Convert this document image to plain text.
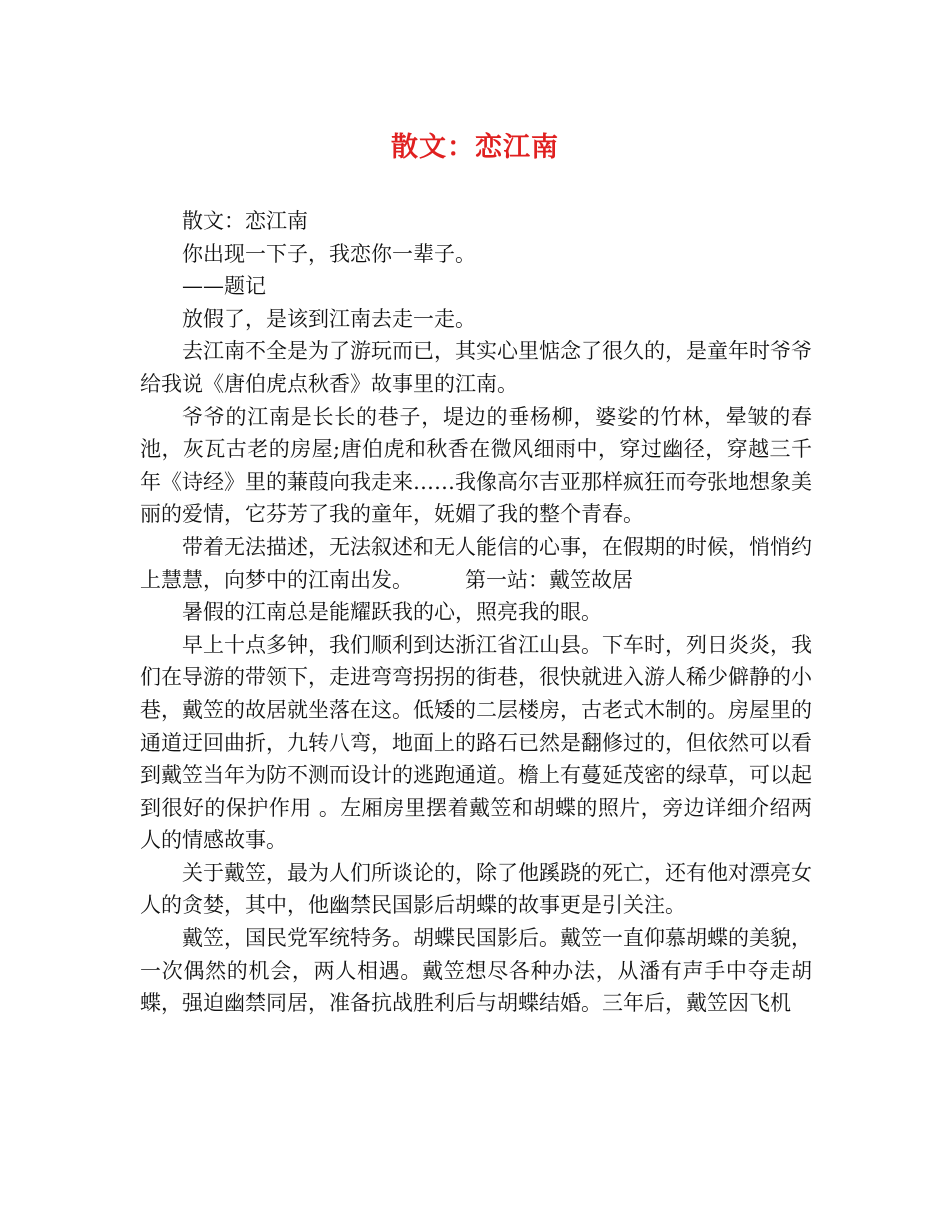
散文：恋江南

散文：恋江南

你出现一下子，我恋你一辈子。

——题记

放假了，是该到江南去走一走。

去江南不全是为了游玩而已，其实心里惦念了很久的，是童年时爷爷给我说《唐伯虎点秋香》故事里的江南。

爷爷的江南是长长的巷子，堤边的垂杨柳，婆娑的竹林，晕皱的春池，灰瓦古老的房屋;唐伯虎和秋香在微风细雨中，穿过幽径，穿越三千年《诗经》里的蒹葭向我走来……我像高尔吉亚那样疯狂而夸张地想象美丽的爱情，它芬芳了我的童年，妩媚了我的整个青春。

带着无法描述，无法叙述和无人能信的心事，在假期的时候，悄悄约上慧慧，向梦中的江南出发。 第一站：戴笠故居

暑假的江南总是能耀跃我的心，照亮我的眼。

早上十点多钟，我们顺利到达浙江省江山县。下车时，列日炎炎，我们在导游的带领下，走进弯弯拐拐的街巷，很快就进入游人稀少僻静的小巷，戴笠的故居就坐落在这。低矮的二层楼房，古老式木制的。房屋里的通道迂回曲折，九转八弯，地面上的路石已然是翻修过的，但依然可以看到戴笠当年为防不测而设计的逃跑通道。檐上有蔓延茂密的绿草，可以起到很好的保护作用 。左厢房里摆着戴笠和胡蝶的照片，旁边详细介绍两人的情感故事。

关于戴笠，最为人们所谈论的，除了他蹊跷的死亡，还有他对漂亮女人的贪婪，其中，他幽禁民国影后胡蝶的故事更是引关注。

戴笠，国民党军统特务。胡蝶民国影后。戴笠一直仰慕胡蝶的美貌，一次偶然的机会，两人相遇。戴笠想尽各种办法，从潘有声手中夺走胡蝶，强迫幽禁同居，准备抗战胜利后与胡蝶结婚。三年后，戴笠因飞机
